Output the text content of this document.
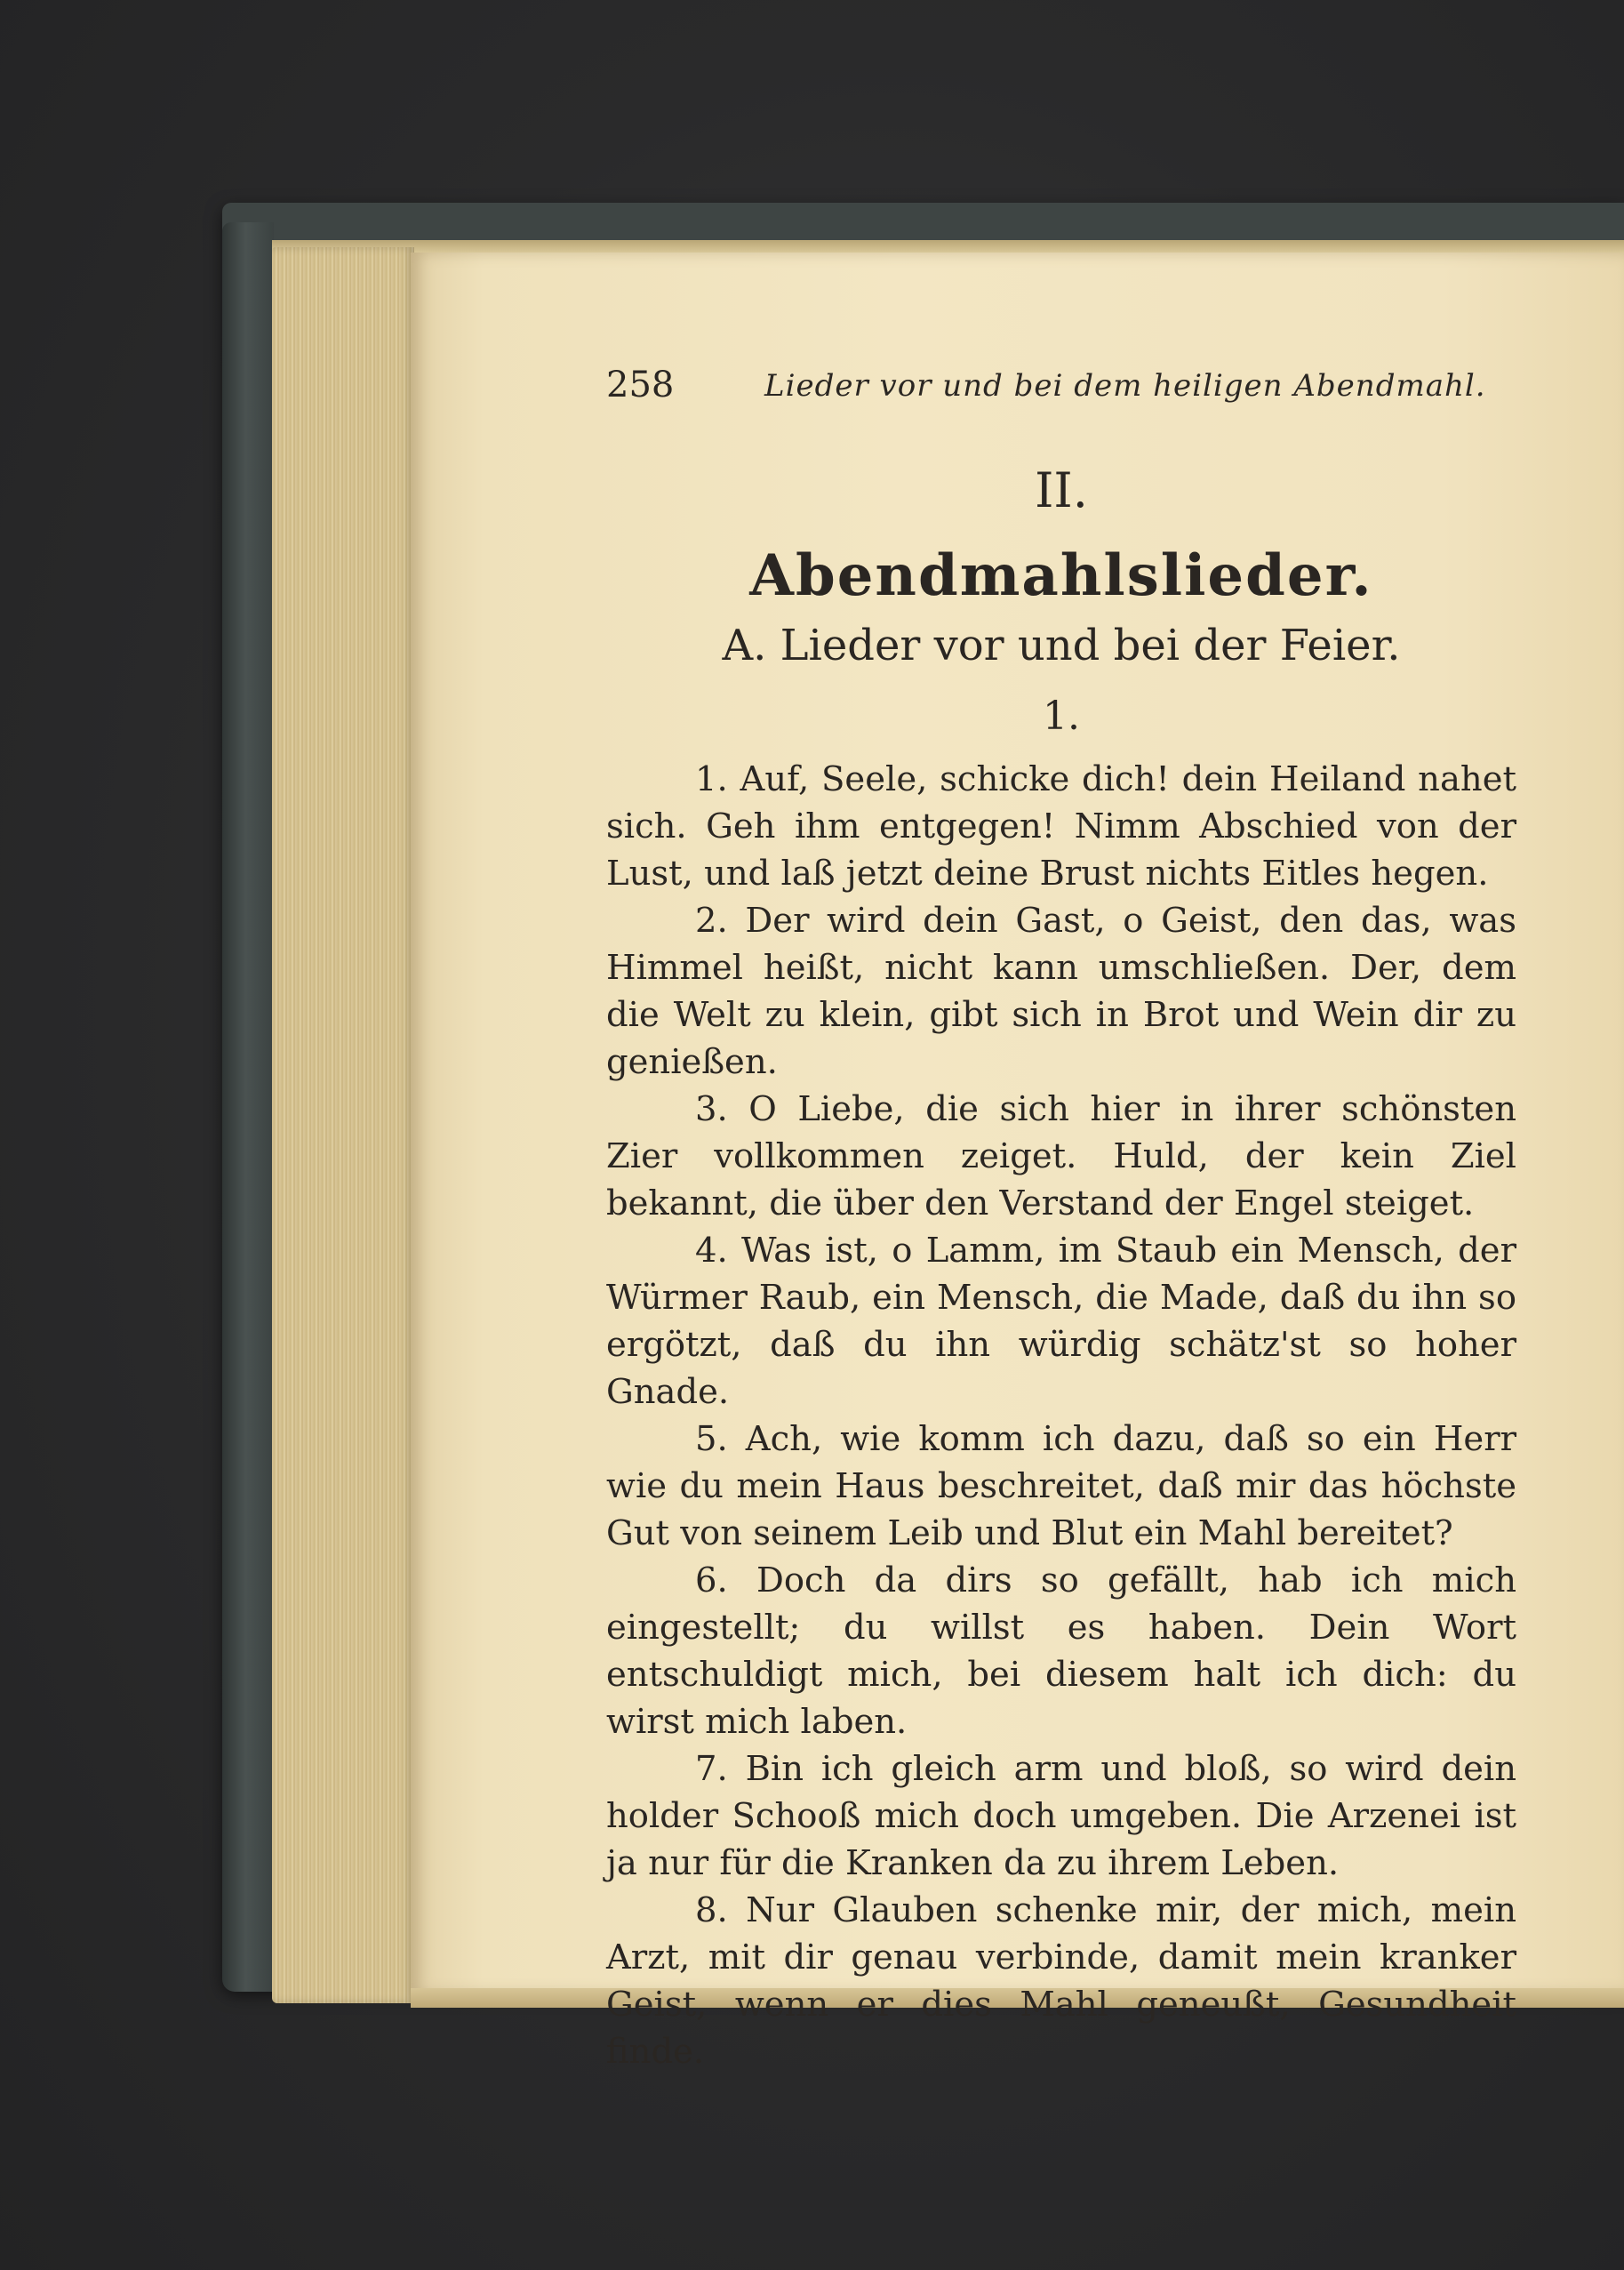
258	Lieder vor und bei dem heiligen Abendmahl.
II.
Abendmahlslieder.
A. Lieder vor und bei der Feier.
1.

1. Auf, Seele, schicke dich! dein Heiland nahet sich. Geh ihm entgegen! Nimm Abschied von der Lust, und laß jetzt deine Brust nichts Eitles hegen.

2. Der wird dein Gast, o Geist, den das, was Himmel heißt, nicht kann umschließen. Der, dem die Welt zu klein, gibt sich in Brot und Wein dir zu genießen.

3. O Liebe, die sich hier in ihrer schönsten Zier vollkommen zeiget. Huld, der kein Ziel bekannt, die über den Verstand der Engel steiget.

4. Was ist, o Lamm, im Staub ein Mensch, der Würmer Raub, ein Mensch, die Made, daß du ihn so ergötzt, daß du ihn würdig schätz'st so hoher Gnade.

5. Ach, wie komm ich dazu, daß so ein Herr wie du mein Haus beschreitet, daß mir das höchste Gut von seinem Leib und Blut ein Mahl bereitet?

6. Doch da dirs so gefällt, hab ich mich eingestellt; du willst es haben. Dein Wort entschuldigt mich, bei diesem halt ich dich: du wirst mich laben.

7. Bin ich gleich arm und bloß, so wird dein holder Schooß mich doch umgeben. Die Arzenei ist ja nur für die Kranken da zu ihrem Leben.

8. Nur Glauben schenke mir, der mich, mein Arzt, mit dir genau verbinde, damit mein kranker Geist, wenn er dies Mahl geneußt, Gesundheit finde.
